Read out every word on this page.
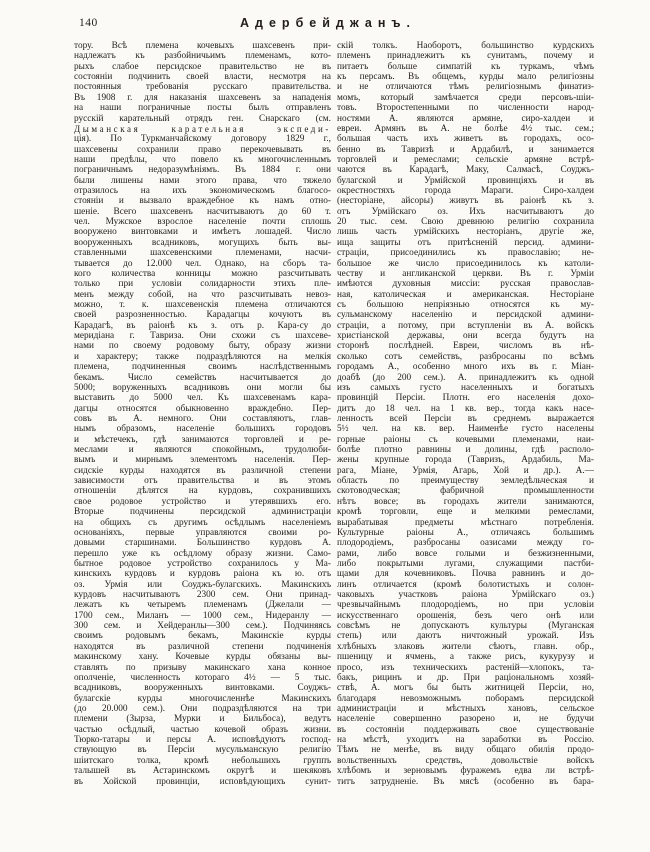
140	Адербейджанъ.
тору. Всѣ племена кочевыхъ шахсевенъ при-
надлежатъ къ разбойничьимъ племенамъ, кото-
рыхъ слабое персидское правительство не въ
состояніи подчинить своей власти, несмотря на
постоянныя требованія русскаго правительства.
Въ 1908 г. для наказанія шахсевенъ за нападенія
на наши пограничные посты былъ отправленъ
русскій карательный отрядъ ген. Снарскаго (см.
Дыманская карательная экспеди-
ція). По Туркманчайскому договору 1829 г.,
шахсевены сохранили право перекочевывать въ
наши предѣлы, что повело къ многочисленнымъ
пограничнымъ недоразумѣніямъ. Въ 1884 г. они
были лишены нами этого права, что тяжело
отразилось на ихъ экономическомъ благосо-
стояніи и вызвало враждебное къ намъ отно-
шеніе. Всего шахсевенъ насчитываютъ до 60 т.
чел. Мужское взрослое населеніе почти сплошь
вооружено винтовками и имѣетъ лошадей. Число
вооруженныхъ всадниковъ, могущихъ быть вы-
ставленными шахсевенскими племенами, насчи-
тывается до 12.000 чел. Однако, на сборъ та-
кого количества конницы можно разсчитывать
только при условіи солидарности этихъ пле-
менъ между собой, на что разсчитывать невоз-
можно, т. к. шахсевенскія племена отличаются
своей разрозненностью. Карадагцы кочуютъ въ
Карадагѣ, въ раіонѣ къ з. отъ р. Кара-су до
меридіана г. Тавриза. Они схожи съ шахсеве-
нами по своему родовому быту, образу жизни
и характеру; также подраздѣляются на мелкія
племена, подчиненныя своимъ наслѣдственнымъ
бекамъ. Число семействъ насчитывается до
5000; воруженныхъ всадниковъ они могли бы
выставить до 5000 чел. Къ шахсевенамъ кара-
дагцы относятся обыкновенно враждебно. Пер-
совъ въ А. немного. Они составляютъ, глав-
нымъ образомъ, населеніе большихъ городовъ
и мѣстечекъ, гдѣ занимаются торговлей и ре-
меслами и являются спокойнымъ, трудолюби-
вымъ и мирнымъ элементомъ населенія. Пер-
сидскіе курды находятся въ различной степени
зависимости отъ правительства и въ этомъ
отношеніи дѣлятся на курдовъ, сохранившихъ
свое родовое устройство и утерявшихъ его.
Вторые подчинены персидской администраціи
на общихъ съ другимъ осѣдлымъ населеніемъ
основаніяхъ, первые управляются своими ро-
довыми старшинами. Большинство курдовъ А.
перешло уже къ осѣдлому образу жизни. Само-
бытное родовое устройство сохранилось у Ма-
кинскихъ курдовъ и курдовъ раіона къ ю. отъ
оз. Урмія или Соуджъ-булагскихъ. Макинскихъ
курдовъ насчитываютъ 2300 сем. Они принад-
лежатъ къ четыремъ племенамъ (Джелали —
1700 сем., Миланъ — 1000 сем., Нидеранлу —
300 сем. и Хейдеранлы—300 сем.). Подчиняясь
своимъ родовымъ бекамъ, Макинскіе курды
находятся въ различной степени подчиненія
макинскому хану. Кочевые курды обязаны вы-
ставлять по призыву макинскаго хана конное
ополченіе, численность котораго 4½ — 5 тыс.
всадниковъ, вооруженныхъ винтовками. Соуджъ-
булагскіе курды многочисленнѣе Макинскихъ
(до 20.000 сем.). Они подраздѣляются на три
племени (Зырза, Мурки и Бильбоса), ведутъ
частью осѣдлый, частью кочевой образъ жизни.
Тюрко-татары и персы А. исповѣдуютъ господ-
ствующую въ Персіи мусульманскую религію
шіитскаго толка, кромѣ небольшихъ группъ
талышей въ Астаринскомъ округѣ и шекяковъ
въ Хойской провинціи, исповѣдующихъ сунит-
скій толкъ. Наоборотъ, большинство курдскихъ
племенъ принадлежитъ къ сунитамъ, почему и
питаетъ больше симпатій къ туркамъ, чѣмъ
къ персамъ. Въ общемъ, курды мало религіозны
и не отличаются тѣмъ религіознымъ финатиз-
момъ, который замѣчается среди персовъ-шіи-
товъ. Второстепенными по численности народ-
ностями А. являются армяне, сиро-халдеи и
евреи. Армянъ въ А. не болѣе 4½ тыс. сем.;
большая часть ихъ живетъ въ городахъ, осо-
бенно въ Тавризѣ и Ардабилѣ, и занимается
торговлей и ремеслами; сельскіе армяне встрѣ-
чаются въ Карадагѣ, Маку, Салмасѣ, Соуджъ-
булагской и Урмійской провинціяхъ и въ
окрестностяхъ города Мараги. Сиро-халдеи
(несторіане, айсоры) живутъ въ раіонѣ къ з.
отъ Урмійскаго оз. Ихъ насчитываютъ до
20 тыс. сем. Свою древнюю религію сохранила
лишь часть урмійскихъ несторіанъ, другіе же,
ища защиты отъ притѣсненій персид. админи-
страціи, присоединились къ православію; не-
большое же число присоединилось къ католи-
честву и англиканской церкви. Въ г. Урміи
имѣются духовныя миссіи: русская православ-
ная, католическая и американская. Несторіане
съ большою непріязнью относятся къ му-
сульманскому населенію и персидской админи-
страціи, а потому, при вступленіи въ А. войскъ
христіанской державы, они всегда будутъ на
сторонѣ послѣдней. Евреи, числомъ въ нѣ-
сколько сотъ семействъ, разбросаны по всѣмъ
городамъ А., особенно много ихъ въ г. Міан-
доабѣ (до 200 сем.). А. принадлежитъ къ одной
изъ самыхъ густо населенныхъ и богатыхъ
провинцій Персіи. Плотн. его населенія дохо-
дитъ до 18 чел. на 1 кв. вер., тогда какъ насе-
ленность всей Персіи въ среднемъ выражается
5½ чел. на кв. вер. Наименѣе густо населены
горные раіоны съ кочевыми племенами, наи-
болѣе плотно равнины и долины, гдѣ располо-
жены крупные города (Тавризъ, Ардабиль, Ма-
рага, Міане, Урмія, Агарь, Хой и др.). А.—
область по преимуществу земледѣльческая и
скотоводческая; фабричной промышленности
нѣтъ вовсе; въ городахъ жители занимаются,
кромѣ торговли, еще и мелкими ремеслами,
вырабатывая предметы мѣстнаго потребленія.
Культурные раіоны А., отличаясь большимъ
плодородіемъ, разбросаны оазисами между го-
рами, либо вовсе голыми и безжизненными,
либо покрытыми лугами, служащими пастби-
щами для кочевниковъ. Почва равнинъ и до-
линъ отличается (кромѣ болотистыхъ и солон-
чаковыхъ участковъ раіона Урмійскаго оз.)
чрезвычайнымъ плодородіемъ, но при условіи
искусственнаго орошенія, безъ чего онѣ или
совсѣмъ не допускаютъ культуры (Муганская
степь) или даютъ ничтожный урожай. Изъ
хлѣбныхъ злаковъ жители сѣютъ, главн. обр.,
пшеницу и ячмень, а также рисъ, кукурузу и
просо, изъ техническихъ растеній—хлопокъ, та-
бакъ, рицинъ и др. При раціональномъ хозяй-
ствѣ, А. могъ бы быть житницей Персіи, но,
благодаря невозможнымъ поборамъ персидской
администраціи и мѣстныхъ хановъ, сельское
населеніе совершенно разорено и, не будучи
въ состояніи поддерживать свое существованіе
на мѣстѣ, уходитъ на заработки въ Россію.
Тѣмъ не менѣе, въ виду общаго обилія продо-
вольственныхъ средствъ, довольствіе войскъ
хлѣбомъ и зерновымъ фуражемъ едва ли встрѣ-
титъ затрудненіе. Въ мясѣ (особенно въ бара-
